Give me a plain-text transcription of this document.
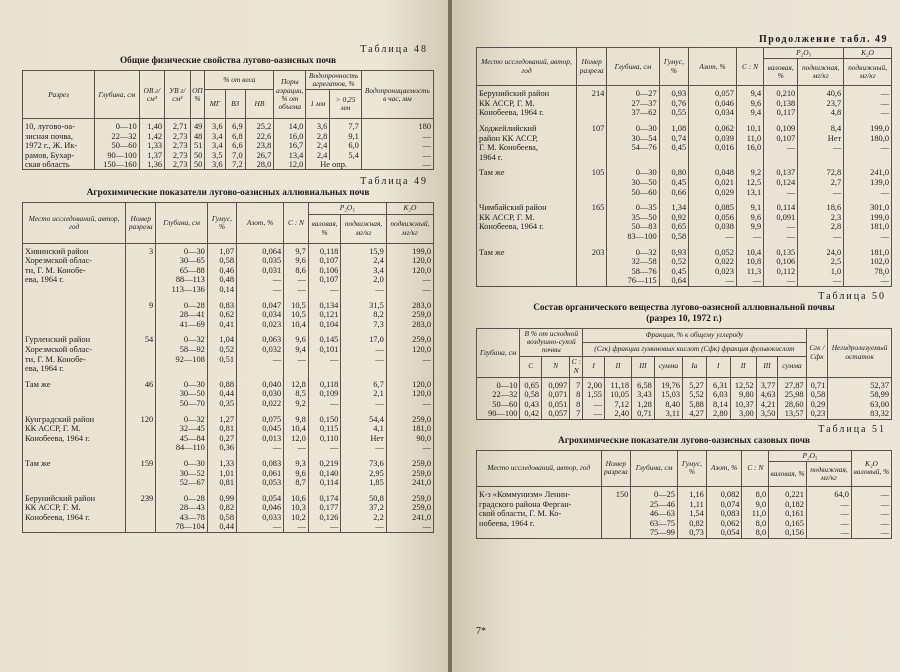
Таблица 48
Общие физические свойства лугово-оазисных почв
Разрез	Глубина, см	ОВ г/см³	УВ г/см³	ОП %	% от веса			Поры аэрации, % от объема	Водопрочность агрегатов, %		Водопроницаемость в час, мм
					МГ	ВЗ	НВ		1 мм	> 0,25 мм	
10, лугово-оа-	0—10	1,40	2,71	49	3,6	6,9	25,2	14,0	3,6	7,7	180
зисная почва,	22—32	1,42	2,73	48	3,4	6,8	22,6	16,0	2,8	9,1	—
1972 г., Ж. Ик-	50—60	1,33	2,73	51	3,4	6,6	23,8	16,7	2,4	6,0	—
рамов, Бухар-	90—100	1,37	2,73	50	3,5	7,0	26,7	13,4	2,4	5,4	—
ская область	150—160	1,36	2,73	50	3,6	7,2	28,0	12,0	Не опр.		—
Таблица 49
Агрохимические показатели лугово-оазисных аллювиальных почв
Место исследований, автор, год	Номер разреза	Глубина, см	Гумус, %	Азот, %	C : N	P₂O₅		K₂O
						валовая, %	подвижная, мг/кг	подвижный, мг/кг
Хивинский район	3	0—30	1,07	0,064	9,7	0,118	15,9	199,0
Хорезмской облас-		30—65	0,58	0,035	9,6	0,107	2,4	120,0
ти, Г. М. Конобе-		65—88	0,46	0,031	8,6	0,106	3,4	120,0
ева, 1964 г.		88—113	0,48	—	—	0,107	2,0	—
		113—136	0,14	—	—	—	—	—
	9	0—28	0,83	0,047	10,5	0,134	31,5	283,0
		28—41	0,62	0,034	10,5	0,121	8,2	259,0
		41—69	0,41	0,023	10,4	0,104	7,3	283,0
Гурленский район	54	0—32	1,04	0,063	9,6	0,145	17,0	259,0
Хорезмской облас-		58—92	0,52	0,032	9,4	0,101	—	120,0
ти, Г. М. Конобе-		92—108	0,51	—	—	—	—	—
ева, 1964 г.								
Там же	46	0—30	0,88	0,040	12,8	0,118	6,7	120,0
		30—50	0,44	0,030	8,5	0,109	2,1	120,0
		50—70	0,35	0,022	9,2	—	—	—
Кунградский район	120	0—32	1,27	0,075	9,8	0,150	54,4	259,0
КК АССР, Г. М.		32—45	0,81	0,045	10,4	0,115	4,1	181,0
Конобеева, 1964 г.		45—84	0,27	0,013	12,0	0,110	Нет	90,0
		84—110	0,36	—	—	—	—	—
Там же	159	0—30	1,33	0,083	9,3	0,219	73,6	259,0
		30—52	1,01	0,061	9,6	0,140	2,95	259,0
		52—67	0,81	0,053	8,7	0,114	1,85	241,0
Берунийский район	239	0—28	0,99	0,054	10,6	0,174	50,8	259,0
КК АССР, Г. М.		28—43	0,82	0,046	10,3	0,177	37,2	259,0
Конобеева, 1964 г.		43—78	0,58	0,033	10,2	0,126	2,2	241,0
		78—104	0,44	—	—	—	—	—
Продолжение табл. 49
Место исследований, автор, год	Номер разреза	Глубина, см	Гумус, %	Азот, %	C : N	P₂O₅		K₂O
						валовая, %	подвижная, мг/кг	подвижный, мг/кг
Берунийский район	214	0—27	0,93	0,057	9,4	0,210	40,6	—
КК АССР, Г. М.		27—37	0,76	0,046	9,6	0,138	23,7	—
Конобеева, 1964 г.		37—62	0,55	0,034	9,4	0,117	4,8	—
Ходжейлийский	107	0—30	1,08	0,062	10,1	0,109	8,4	199,0
район КК АССР,		30—54	0,74	0,039	11,0	0,107	Нет	180,0
Г. М. Конобеева,		54—76	0,45	0,016	16,0	—	—	—
1964 г.								
Там же	105	0—30	0,80	0,048	9,2	0,137	72,8	241,0
		30—50	0,45	0,021	12,5	0,124	2,7	139,0
		50—60	0,66	0,029	13,1	—	—	—
Чимбайский район	165	0—35	1,34	0,085	9,1	0,114	18,6	301,0
КК АССР, Г. М.		35—50	0,92	0,056	9,6	0,091	2,3	199,0
Конобеева, 1964 г.		50—83	0,65	0,038	9,9	—	2,8	181,0
		83—100	0,58	—	—	—	—	—
Там же	203	0—32	0,93	0,052	10,4	0,135	24,0	181,0
		32—58	0,52	0,022	10,8	0,106	2,5	102,0
		58—76	0,45	0,023	11,3	0,112	1,0	78,0
		76—115	0,64	—	—	—	—	—
Таблица 50
Состав органического вещества лугово-оазисной аллювиальной почвы
(разрез 10, 1972 г.)
Глубина, см	В % от исходной воздушно-сухой почвы			Фракция, % к общему углероду									Cгк / Cфк	Негидролизуемый остаток
				(Cгк) фракции гуминовых кислот (Cфк) фракция фульвокислот										
	C	N	C : N	I	II	III	сумма	Iа	I	II	III	сумма		
0—10	0,65	0,097	7	2,00	11,18	6,58	19,76	5,27	6,31	12,52	3,77	27,87	0,71	52,37
22—32	0,58	0,071	8	1,55	10,05	3,43	15,03	5,52	6,03	9,80	4,63	25,98	0,58	58,99
50—60	0,43	0,051	8	—	7,12	1,28	8,40	5,88	8,14	10,37	4,21	28,60	0,29	63,00
90—100	0,42	0,057	7	—	2,40	0,71	3,11	4,27	2,80	3,00	3,50	13,57	0,23	83,32
Таблица 51
Агрохимические показатели лугово-оазисных сазовых почв
Место исследований, автор, год	Номер разреза	Глубина, см	Гумус, %	Азот, %	C : N	P₂O₅		K₂O валовый, %
						валовая, %	подвижная, мг/кг	
К-з «Коммунизм» Ленин-	150	0—25	1,16	0,082	8,0	0,221	64,0	—
градского района Ферган-		25—46	1,11	0,074	9,0	0,182	—	—
ской области, Г. М. Ко-		46—63	1,54	0,083	11,0	0,161	—	—
нобеева, 1964 г.		63—75	0,82	0,062	8,0	0,165	—	—
		75—99	0,73	0,054	8,0	0,156	—	—
7*
